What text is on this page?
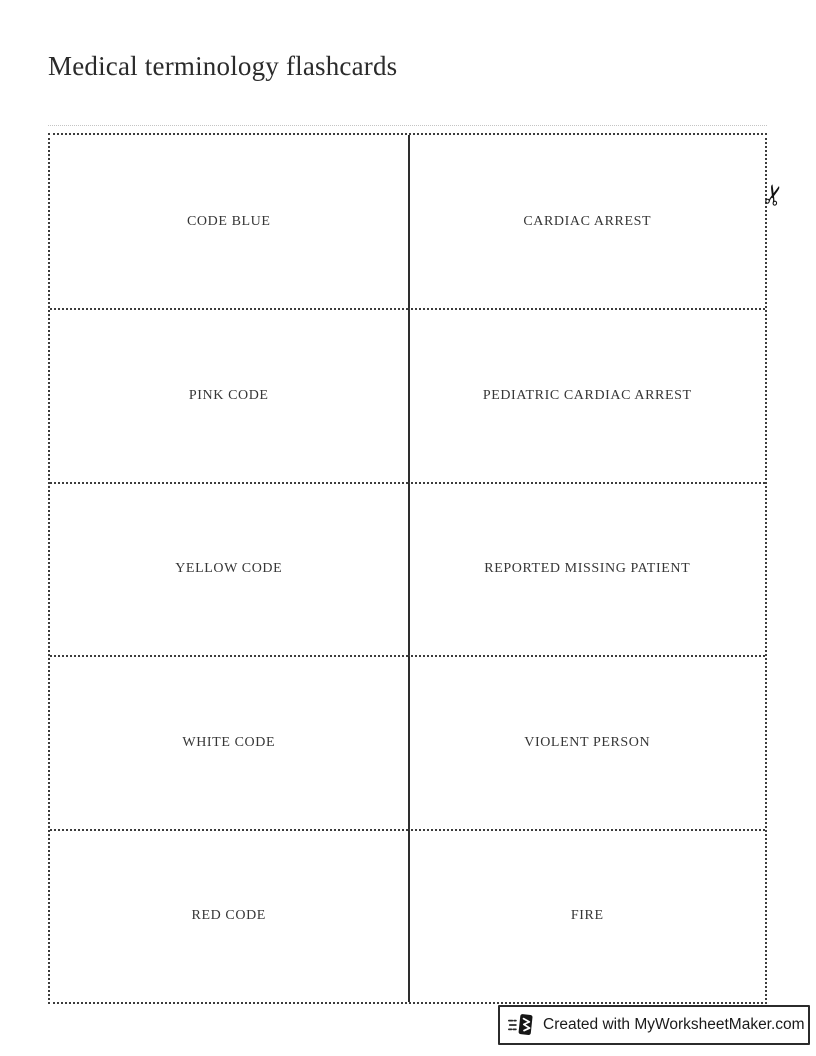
Medical terminology flashcards
CODE BLUE	CARDIAC ARREST
PINK CODE	PEDIATRIC CARDIAC ARREST
YELLOW CODE	REPORTED MISSING PATIENT
WHITE CODE	VIOLENT PERSON
RED CODE	FIRE
✂
Created with MyWorksheetMaker.com
